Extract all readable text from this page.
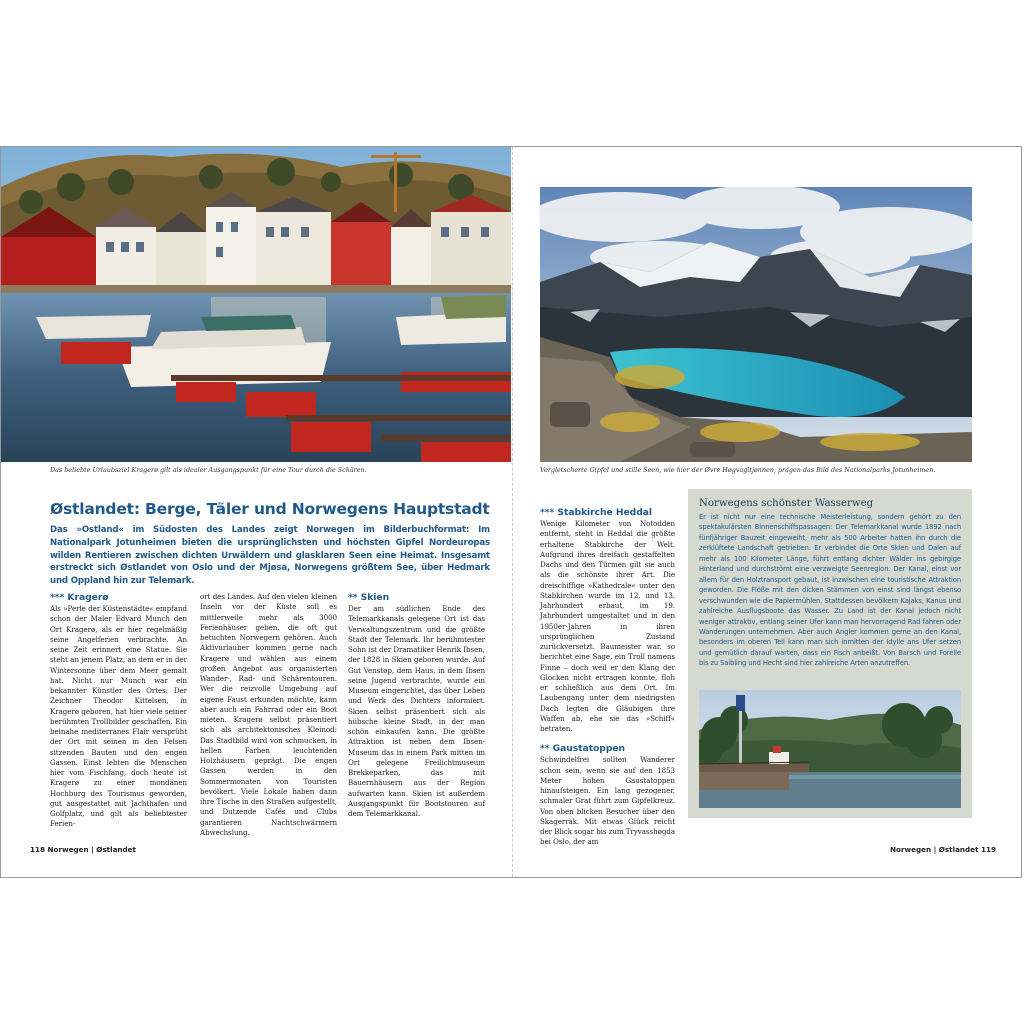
Das beliebte Urlaubsziel Kragerø gilt als idealer Ausgangspunkt für eine Tour durch die Schären.	Vergletscherte Gipfel und stille Seen, wie hier der Øvre Høgvagltjønnen, prägen das Bild des Nationalparks Jotunheimen.
Østlandet: Berge, Täler und Norwegens Hauptstadt
Das »Ostland« im Südosten des Landes zeigt Norwegen im Bilderbuchformat: Im Nationalpark Jotunheimen bieten die ursprünglichsten und höchsten Gipfel Nordeuropas wilden Rentieren zwischen dichten Urwäldern und glasklaren Seen eine Heimat. Insgesamt erstreckt sich Østlandet von Oslo und der Mjøsa, Norwegens größtem See, über Hedmark und Oppland hin zur Telemark.
*** Kragerø
Als »Perle der Küstenstädte« empfand schon der Maler Edvard Munch den Ort Kragerø, als er hier regelmäßig seine Angelferien verbrachte. An seine Zeit erinnert eine Statue. Sie steht an jenem Platz, an dem er in der Wintersonne über dem Meer gemalt hat. Nicht nur Munch war ein bekannter Künstler des Ortes: Der Zeichner Theodor Kittelsen, in Kragerø geboren, hat hier viele seiner berühmten Trollbilder geschaffen. Ein beinahe mediterranes Flair versprüht der Ort mit seinen in den Felsen sitzenden Bauten und den engen Gassen. Einst lebten die Menschen hier vom Fischfang, doch heute ist Kragerø zu einer mondänen Hochburg des Tourismus geworden, gut ausgestattet mit Jachthafen und Golfplatz, und gilt als beliebtester Ferien-
ort des Landes. Auf den vielen kleinen Inseln vor der Küste soll es mittlerweile mehr als 3000 Ferienhäuser geben, die oft gut betuchten Norwegern gehören. Auch Aktivurlauber kommen gerne nach Kragerø und wählen aus einem großen Angebot aus organisierten Wander-, Rad- und Schärentouren. Wer die reizvolle Umgebung auf eigene Faust erkunden möchte, kann aber auch ein Fahrrad oder ein Boot mieten. Kragerø selbst präsentiert sich als architektonisches Kleinod: Das Stadtbild wird von schmucken, in hellen Farben leuchtenden Holzhäusern geprägt. Die engen Gassen werden in den Sommermonaten von Touristen bevölkert. Viele Lokale haben dann ihre Tische in den Straßen aufgestellt, und Dutzende Cafés und Clubs garantieren Nachtschwärmern Abwechslung.
** Skien
Der am südlichen Ende des Telemarkkanals gelegene Ort ist das Verwaltungszentrum und die größte Stadt der Telemark. Ihr berühmtester Sohn ist der Dramatiker Henrik Ibsen, der 1828 in Skien geboren wurde. Auf Gut Venstøp, dem Haus, in dem Ibsen seine Jugend verbrachte, wurde ein Museum eingerichtet, das über Leben und Werk des Dichters informiert. Skien selbst präsentiert sich als hübsche kleine Stadt, in der man schön einkaufen kann. Die größte Attraktion ist neben dem Ibsen-Museum das in einem Park mitten im Ort gelegene Freilichtmuseum Brekkeparken, das mit Bauernhäusern aus der Region aufwarten kann. Skien ist außerdem Ausgangspunkt für Bootstouren auf dem Telemarkkanal.
*** Stabkirche Heddal
Wenige Kilometer von Notodden entfernt, steht in Heddal die größte erhaltene Stabkirche der Welt. Aufgrund ihres dreifach gestaffelten Dachs und den Türmen gilt sie auch als die schönste ihrer Art. Die dreischiffige »Kathedrale« unter den Stabkirchen wurde im 12. und 13. Jahrhundert erbaut, im 19. Jahrhundert umgestaltet und in den 1950er-Jahren in ihren ursprünglichen Zustand zurückversetzt. Baumeister war, so berichtet eine Sage, ein Troll namens Finne – doch weil er den Klang der Glocken nicht ertragen konnte, floh er schließlich aus dem Ort. Im Laubengang unter dem niedrigsten Dach legten die Gläubigen ihre Waffen ab, ehe sie das »Schiff« betraten.
** Gaustatoppen
Schwindelfrei sollten Wanderer schon sein, wenn sie auf den 1853 Meter hohen Gaustatoppen hinaufsteigen. Ein lang gezogener, schmaler Grat führt zum Gipfelkreuz. Von oben blicken Besucher über den Skagerrak. Mit etwas Glück reicht der Blick sogar bis zum Tryvasshøgda bei Oslo, der am
Norwegens schönster Wasserweg
Er ist nicht nur eine technische Meisterleistung, sondern gehört zu den spektakulärsten Binnenschiffspassagen: Der Telemarkkanal wurde 1892 nach fünfjähriger Bauzeit eingeweiht, mehr als 500 Arbeiter hatten ihn durch die zerklüftete Landschaft getrieben. Er verbindet die Orte Skien und Dalen auf mehr als 100 Kilometer Länge, führt entlang dichter Wälder ins gebirgige Hinterland und durchströmt eine verzweigte Seenregion. Der Kanal, einst vor allem für den Holztransport gebaut, ist inzwischen eine touristische Attraktion geworden. Die Flöße mit den dicken Stämmen von einst sind längst ebenso verschwunden wie die Papiermühlen. Stattdessen bevölkern Kajaks, Kanus und zahlreiche Ausflugsboote das Wasser. Zu Land ist der Kanal jedoch nicht weniger attraktiv, entlang seiner Ufer kann man hervorragend Rad fahren oder Wanderungen unternehmen. Aber auch Angler kommen gerne an den Kanal, besonders im oberen Teil kann man sich inmitten der Idylle ans Ufer setzen und gemütlich darauf warten, dass ein Fisch anbeißt. Von Barsch und Forelle bis zu Saibling und Hecht sind hier zahlreiche Arten anzutreffen.
118 Norwegen | Østlandet	Norwegen | Østlandet 119
